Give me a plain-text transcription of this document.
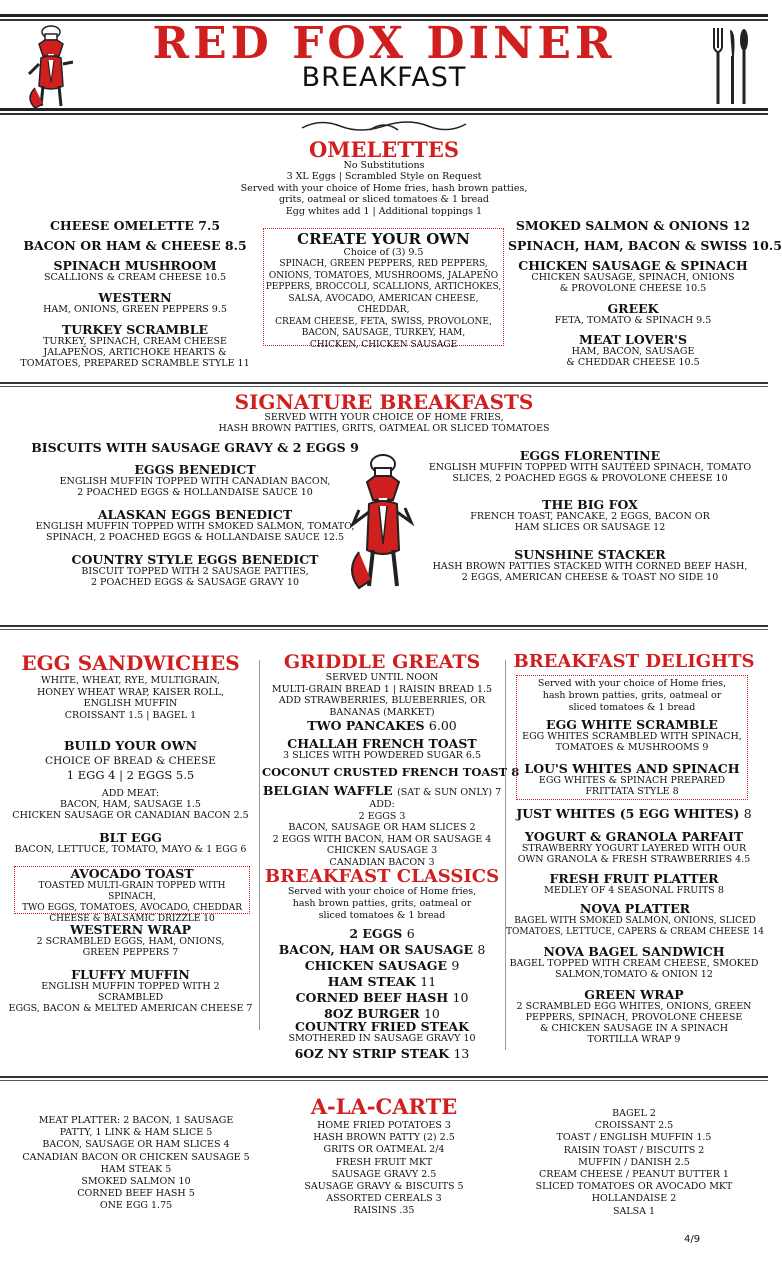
RED FOX DINER
BREAKFAST
OMELETTES
No Substitutions
3 XL Eggs | Scrambled Style on Request
Served with your choice of Home fries, hash brown patties,
grits, oatmeal or sliced tomatoes & 1 bread
Egg whites add 1 | Additional toppings 1
CHEESE OMELETTE 7.5
BACON OR HAM & CHEESE 8.5
SPINACH MUSHROOM
SCALLIONS & CREAM CHEESE 10.5
WESTERN
HAM, ONIONS, GREEN PEPPERS 9.5
TURKEY SCRAMBLE
TURKEY, SPINACH, CREAM CHEESE
JALAPEÑOS, ARTICHOKE HEARTS &
TOMATOES, PREPARED SCRAMBLE STYLE 11
CREATE YOUR OWN
Choice of (3) 9.5
SPINACH, GREEN PEPPERS, RED PEPPERS,
ONIONS, TOMATOES, MUSHROOMS, JALAPEÑO
PEPPERS, BROCCOLI, SCALLIONS, ARTICHOKES,
SALSA, AVOCADO, AMERICAN CHEESE, CHEDDAR,
CREAM CHEESE, FETA, SWISS, PROVOLONE,
BACON, SAUSAGE, TURKEY, HAM,
CHICKEN, CHICKEN SAUSAGE
SMOKED SALMON & ONIONS 12
SPINACH, HAM, BACON & SWISS 10.5
CHICKEN SAUSAGE & SPINACH
CHICKEN SAUSAGE, SPINACH, ONIONS
& PROVOLONE CHEESE 10.5
GREEK
FETA, TOMATO & SPINACH 9.5
MEAT LOVER'S
HAM, BACON, SAUSAGE
& CHEDDAR CHEESE 10.5
SIGNATURE BREAKFASTS
SERVED WITH YOUR CHOICE OF HOME FRIES,
HASH BROWN PATTIES, GRITS, OATMEAL OR SLICED TOMATOES
BISCUITS WITH SAUSAGE GRAVY & 2 EGGS 9
EGGS BENEDICT
ENGLISH MUFFIN TOPPED WITH CANADIAN BACON,
2 POACHED EGGS & HOLLANDAISE SAUCE 10
ALASKAN EGGS BENEDICT
ENGLISH MUFFIN TOPPED WITH SMOKED SALMON, TOMATO,
SPINACH, 2 POACHED EGGS & HOLLANDAISE SAUCE 12.5
COUNTRY STYLE EGGS BENEDICT
BISCUIT TOPPED WITH 2 SAUSAGE PATTIES,
2 POACHED EGGS & SAUSAGE GRAVY 10
EGGS FLORENTINE
ENGLISH MUFFIN TOPPED WITH SAUTÉED SPINACH, TOMATO
SLICES, 2 POACHED EGGS & PROVOLONE CHEESE 10
THE BIG FOX
FRENCH TOAST, PANCAKE, 2 EGGS, BACON OR
HAM SLICES OR SAUSAGE 12
SUNSHINE STACKER
HASH BROWN PATTIES STACKED WITH CORNED BEEF HASH,
2 EGGS, AMERICAN CHEESE & TOAST NO SIDE 10
EGG SANDWICHES
WHITE, WHEAT, RYE, MULTIGRAIN,
HONEY WHEAT WRAP, KAISER ROLL,
ENGLISH MUFFIN
CROISSANT 1.5 | BAGEL 1
BUILD YOUR OWN
CHOICE OF BREAD & CHEESE
1 EGG 4 | 2 EGGS 5.5
ADD MEAT:
BACON, HAM, SAUSAGE 1.5
CHICKEN SAUSAGE OR CANADIAN BACON 2.5
BLT EGG
BACON, LETTUCE, TOMATO, MAYO & 1 EGG 6
AVOCADO TOAST
TOASTED MULTI-GRAIN TOPPED WITH SPINACH,
TWO EGGS, TOMATOES, AVOCADO, CHEDDAR
CHEESE & BALSAMIC DRIZZLE 10
WESTERN WRAP
2 SCRAMBLED EGGS, HAM, ONIONS,
GREEN PEPPERS 7
FLUFFY MUFFIN
ENGLISH MUFFIN TOPPED WITH 2 SCRAMBLED
EGGS, BACON & MELTED AMERICAN CHEESE 7
GRIDDLE GREATS
SERVED UNTIL NOON
MULTI-GRAIN BREAD 1 | RAISIN BREAD 1.5
ADD STRAWBERRIES, BLUEBERRIES, OR
BANANAS (MARKET)
TWO PANCAKES 6.00
CHALLAH FRENCH TOAST
3 SLICES WITH POWDERED SUGAR 6.5
COCONUT CRUSTED FRENCH TOAST 8
BELGIAN WAFFLE (SAT & SUN ONLY) 7
ADD:
2 EGGS 3
BACON, SAUSAGE OR HAM SLICES 2
2 EGGS WITH BACON, HAM OR SAUSAGE 4
CHICKEN SAUSAGE 3
CANADIAN BACON 3
BREAKFAST CLASSICS
Served with your choice of Home fries,
hash brown patties, grits, oatmeal or
sliced tomatoes & 1 bread
2 EGGS 6
BACON, HAM OR SAUSAGE 8
CHICKEN SAUSAGE 9
HAM STEAK 11
CORNED BEEF HASH 10
8OZ BURGER 10
COUNTRY FRIED STEAK
SMOTHERED IN SAUSAGE GRAVY 10
6OZ NY STRIP STEAK 13
BREAKFAST DELIGHTS
Served with your choice of Home fries,
hash brown patties, grits, oatmeal or
sliced tomatoes & 1 bread
EGG WHITE SCRAMBLE
EGG WHITES SCRAMBLED WITH SPINACH,
TOMATOES & MUSHROOMS 9
LOU'S WHITES AND SPINACH
EGG WHITES & SPINACH PREPARED
FRITTATA STYLE 8
JUST WHITES (5 EGG WHITES) 8
YOGURT & GRANOLA PARFAIT
STRAWBERRY YOGURT LAYERED WITH OUR
OWN GRANOLA & FRESH STRAWBERRIES 4.5
FRESH FRUIT PLATTER
MEDLEY OF 4 SEASONAL FRUITS 8
NOVA PLATTER
BAGEL WITH SMOKED SALMON, ONIONS, SLICED
TOMATOES, LETTUCE, CAPERS & CREAM CHEESE 14
NOVA BAGEL SANDWICH
BAGEL TOPPED WITH CREAM CHEESE, SMOKED
SALMON,TOMATO & ONION 12
GREEN WRAP
2 SCRAMBLED EGG WHITES, ONIONS, GREEN
PEPPERS, SPINACH, PROVOLONE CHEESE
& CHICKEN SAUSAGE IN A SPINACH
TORTILLA WRAP 9
A-LA-CARTE
MEAT PLATTER: 2 BACON, 1 SAUSAGE
PATTY, 1 LINK & HAM SLICE 5
BACON, SAUSAGE OR HAM SLICES 4
CANADIAN BACON OR CHICKEN SAUSAGE 5
HAM STEAK 5
SMOKED SALMON 10
CORNED BEEF HASH 5
ONE EGG 1.75
HOME FRIED POTATOES 3
HASH BROWN PATTY (2) 2.5
GRITS OR OATMEAL 2/4
FRESH FRUIT MKT
SAUSAGE GRAVY 2.5
SAUSAGE GRAVY & BISCUITS 5
ASSORTED CEREALS 3
RAISINS .35
BAGEL 2
CROISSANT 2.5
TOAST / ENGLISH MUFFIN 1.5
RAISIN TOAST / BISCUITS 2
MUFFIN / DANISH 2.5
CREAM CHEESE / PEANUT BUTTER 1
SLICED TOMATOES OR AVOCADO MKT
HOLLANDAISE 2
SALSA 1
4/9
